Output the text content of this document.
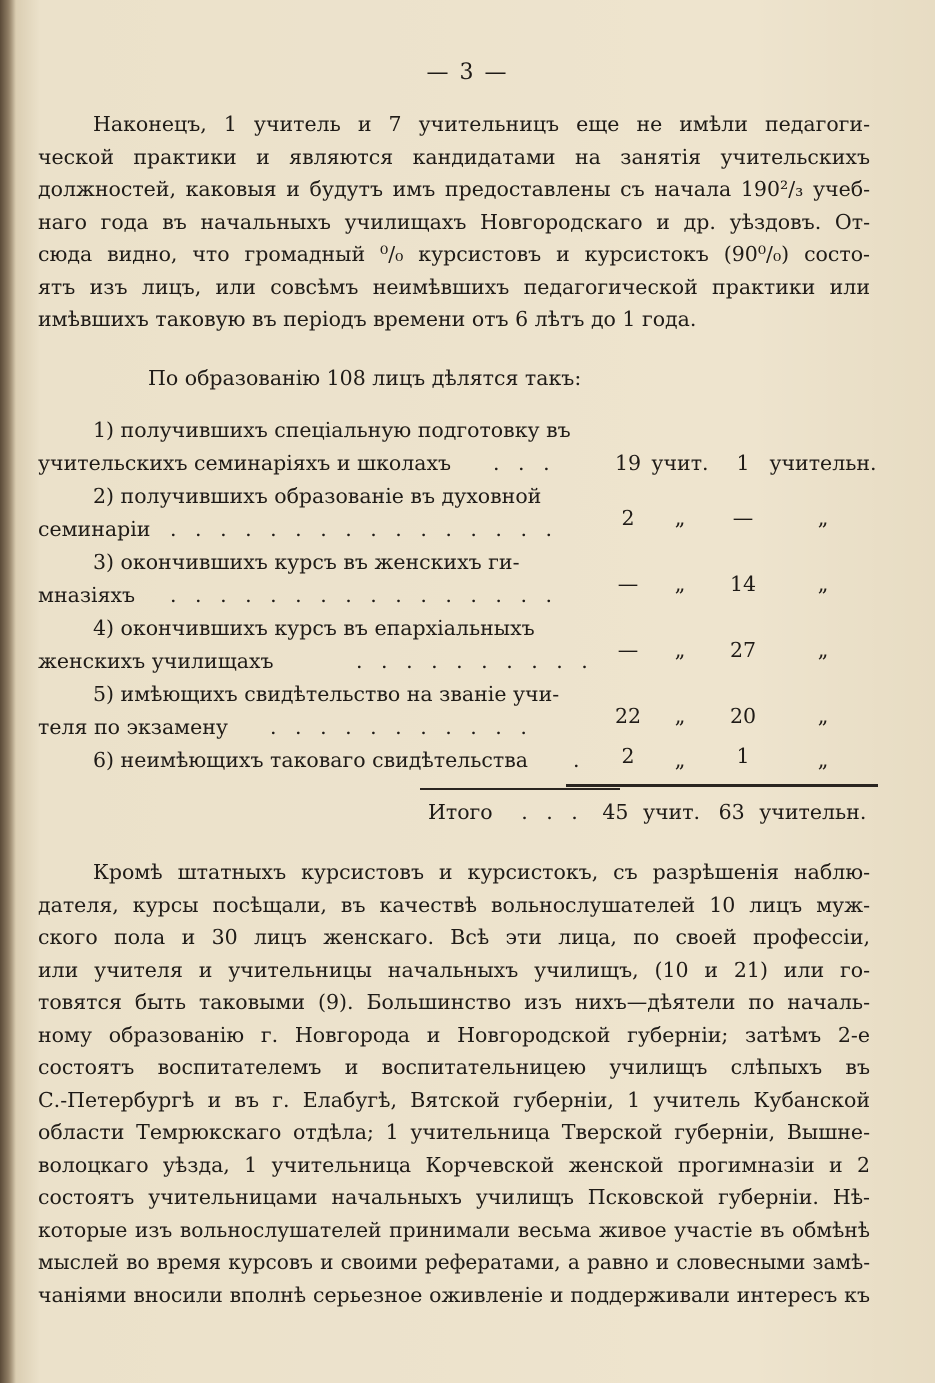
— 3 —
Наконецъ, 1 учитель и 7 учительницъ еще не имѣли педагоги-
ческой практики и являются кандидатами на занятія учительскихъ
должностей, каковыя и будутъ имъ предоставлены съ начала 190²/₃ учеб-
наго года въ начальныхъ училищахъ Новгородскаго и др. уѣздовъ. От-
сюда видно, что громадный ⁰/₀ курсистовъ и курсистокъ (90⁰/₀) состо-
ятъ изъ лицъ, или совсѣмъ неимѣвшихъ педагогической практики или
имѣвшихъ таковую въ періодъ времени отъ 6 лѣтъ до 1 года.
По образованію 108 лицъ дѣлятся такъ:
1) получившихъ спеціальную подготовку въ
учительскихъ семинаріяхъ и школахъ . . .	19 учит.	1 учительн.
2) получившихъ образованіе въ духовной
семинаріи . . . . . . . . . . . . . . . .	2	„	—	„
3) окончившихъ курсъ въ женскихъ ги-
мназіяхъ . . . . . . . . . . . . . . . .	—	„	14	„
4) окончившихъ курсъ въ епархіальныхъ
женскихъ училищахъ	. . . . . . . . . .	—	„	27	„
5) имѣющихъ свидѣтельство на званіе учи-
теля по экзамену . . . . . . . . . . .	22	„	20	„
6) неимѣющихъ таковаго свидѣтельства .	2	„	1	„
Итого . . . 45 учит. 63 учительн.
Кромѣ штатныхъ курсистовъ и курсистокъ, съ разрѣшенія наблю-
дателя, курсы посѣщали, въ качествѣ вольнослушателей 10 лицъ муж-
ского пола и 30 лицъ женскаго. Всѣ эти лица, по своей профессіи,
или учителя и учительницы начальныхъ училищъ, (10 и 21) или го-
товятся быть таковыми (9). Большинство изъ нихъ—дѣятели по началь-
ному образованію г. Новгорода и Новгородской губерніи; затѣмъ 2-е
состоятъ воспитателемъ и воспитательницею училищъ слѣпыхъ въ
С.-Петербургѣ и въ г. Елабугѣ, Вятской губерніи, 1 учитель Кубанской
области Темрюкскаго отдѣла; 1 учительница Тверской губерніи, Вышне-
волоцкаго уѣзда, 1 учительница Корчевской женской прогимназіи и 2
состоятъ учительницами начальныхъ училищъ Псковской губерніи. Нѣ-
которые изъ вольнослушателей принимали весьма живое участіе въ обмѣнѣ
мыслей во время курсовъ и своими рефератами, а равно и словесными замѣ-
чаніями вносили вполнѣ серьезное оживленіе и поддерживали интересъ къ
